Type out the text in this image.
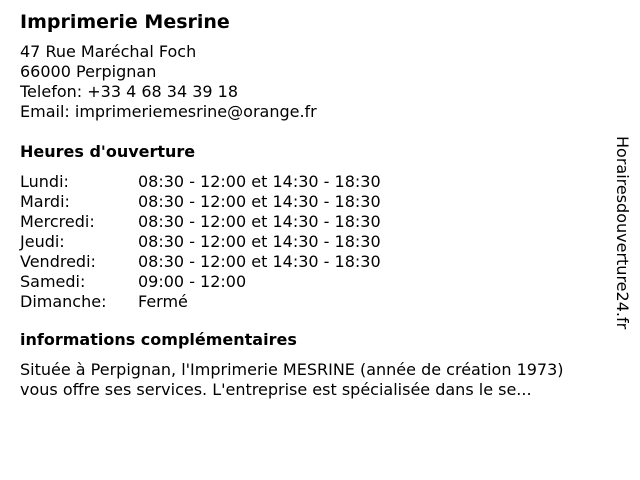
Imprimerie Mesrine
47 Rue Maréchal Foch
66000 Perpignan
Telefon: +33 4 68 34 39 18
Email: imprimeriemesrine@orange.fr
Heures d'ouverture
Lundi:	08:30 - 12:00 et 14:30 - 18:30
Mardi:	08:30 - 12:00 et 14:30 - 18:30
Mercredi:	08:30 - 12:00 et 14:30 - 18:30
Jeudi:	08:30 - 12:00 et 14:30 - 18:30
Vendredi:	08:30 - 12:00 et 14:30 - 18:30
Samedi:	09:00 - 12:00
Dimanche:	Fermé
informations complémentaires
Située à Perpignan, l'Imprimerie MESRINE (année de création 1973)
vous offre ses services. L'entreprise est spécialisée dans le se...
Horairesdouverture24.fr
